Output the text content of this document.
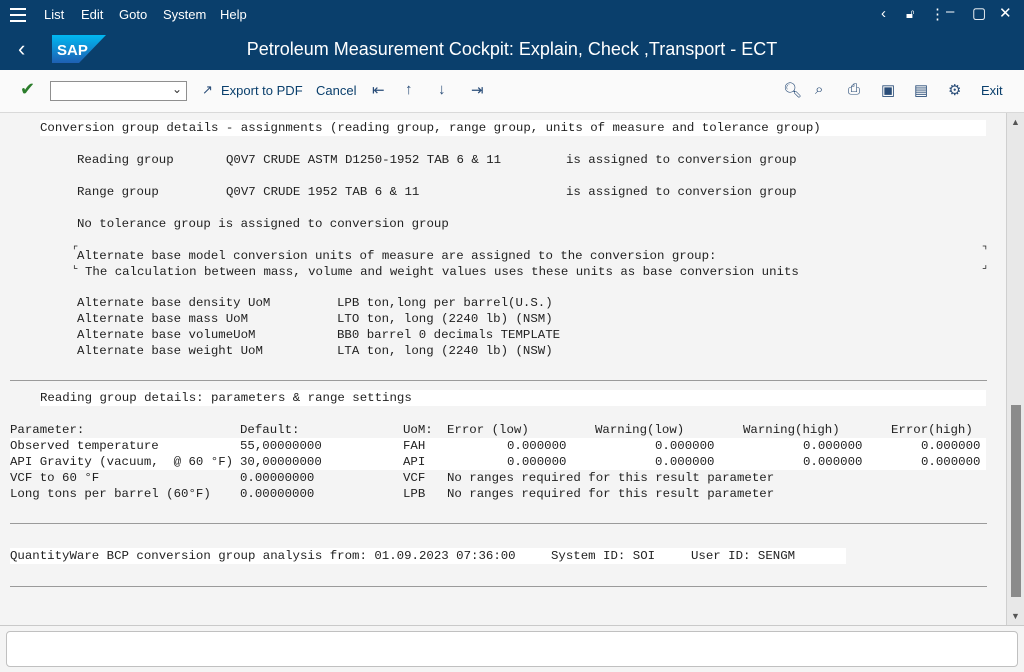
List Edit Goto System Help	‹ 🔓︎ ⋮ – ▢ ✕
‹ SAP	Petroleum Measurement Cockpit: Explain, Check ,Transport - ECT
✔	⌄ ↗ Export to PDF Cancel ⇤ ↑ ↓ ⇥	🔍︎ ⌕ ⎙ ▣ ▤ ⚙ Exit
Conversion group details - assignments (reading group, range group, units of measure and tolerance group)
Reading group	Q0V7 CRUDE ASTM D1250-1952 TAB 6 & 11	is assigned to conversion group
Range group	Q0V7 CRUDE 1952 TAB 6 & 11	is assigned to conversion group
No tolerance group is assigned to conversion group
⌜	⌝
⌞	⌟
Alternate base model conversion units of measure are assigned to the conversion group:
The calculation between mass, volume and weight values uses these units as base conversion units
Alternate base density UoM	LPB ton,long per barrel(U.S.)
Alternate base mass UoM	LTO ton, long (2240 lb) (NSM)
Alternate base volumeUoM	BB0 barrel 0 decimals TEMPLATE
Alternate base weight UoM	LTA ton, long (2240 lb) (NSW)
Reading group details: parameters & range settings
Parameter:	Default:	UoM: Error (low)	Warning(low)	Warning(high)	Error(high)
Observed temperature	55,00000000	FAH	0.000000	0.000000	0.000000	0.000000
API Gravity (vacuum,  @ 60 °F) 30,00000000	API	0.000000	0.000000	0.000000	0.000000
VCF to 60 °F	0.00000000	VCF No ranges required for this result parameter
Long tons per barrel (60°F) 0.00000000	LPB No ranges required for this result parameter
QuantityWare BCP conversion group analysis from: 01.09.2023 07:36:00	System ID: SOI	User ID: SENGM
▲
▼
